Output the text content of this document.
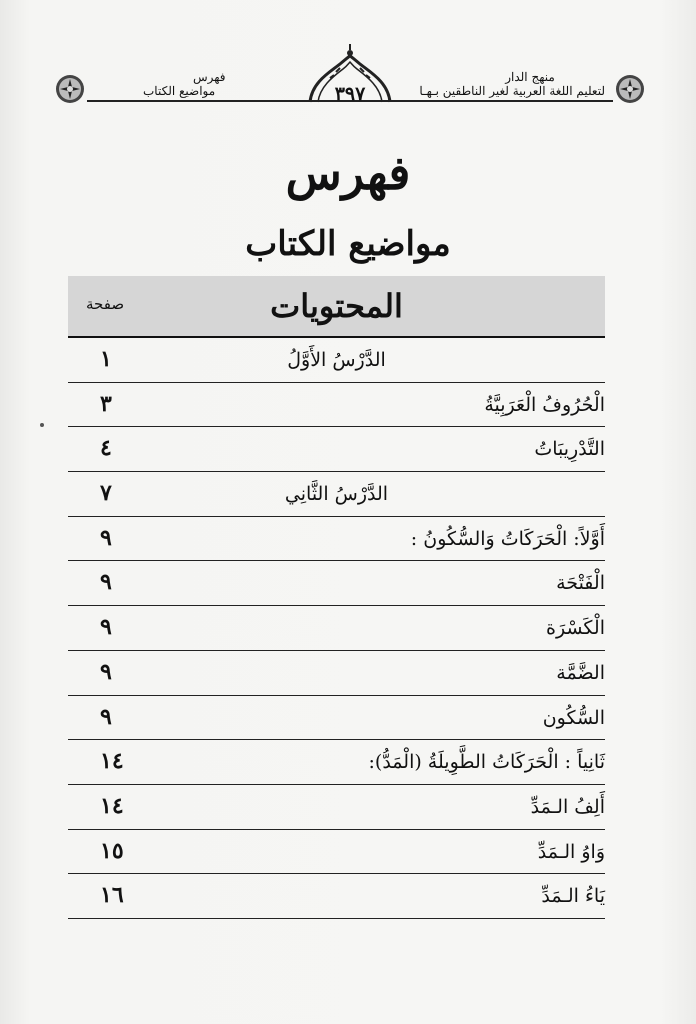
فهرس
مواضيع الكتاب
منهج الدار
لتعليم اللغة العربية لغير الناطقين بـهـا
٣٩٧
فهرس
مواضيع الكتاب
المحتويات
صفحة
الدَّرْسُ الأَوَّلُ
١
الْحُرُوفُ الْعَرَبِيَّةُ
٣
التَّدْرِيبَاتُ
٤
الدَّرْسُ الثَّانِي
٧
أَوَّلاً: الْحَرَكَاتُ وَالسُّكُونُ :
٩
الْفَتْحَة
٩
الْكَسْرَة
٩
الضَّمَّة
٩
السُّكُون
٩
ثَانِياً : الْحَرَكَاتُ الطَّوِيلَةُ (الْمَدُّ):
١٤
أَلِفُ الـمَدِّ
١٤
وَاوُ الـمَدِّ
١٥
يَاءُ الـمَدِّ
١٦
